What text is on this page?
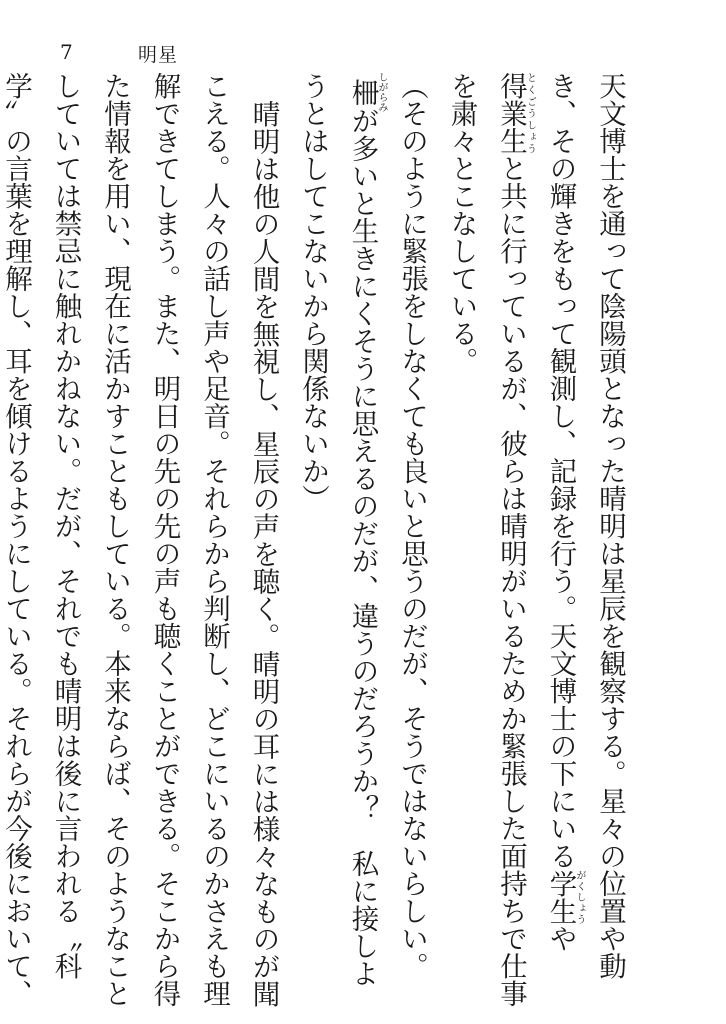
7	明星

天文博士を通って陰陽頭となった晴明は星辰を観察する。星々の位置や動き、その輝きをもって観測し、記録を行う。天文博士の下にいる学生がくしょうや得業生とくごうしょうと共に行っているが、彼らは晴明がいるためか緊張した面持ちで仕事を粛々とこなしている。

（そのように緊張をしなくても良いと思うのだが、そうではないらしい。柵しがらみが多いと生きにくそうに思えるのだが、違うのだろうか？　私に接しようとはしてこないから関係ないか）

晴明は他の人間を無視し、星辰の声を聴く。晴明の耳には様々なものが聞こえる。人々の話し声や足音。それらから判断し、どこにいるのかさえも理解できてしまう。また、明日の先の先の声も聴くことができる。そこから得た情報を用い、現在に活かすこともしている。本来ならば、そのようなことしていては禁忌に触れかねない。だが、それでも晴明は後に言われる〝科学〟の言葉を理解し、耳を傾けるようにしている。それらが今後において、
